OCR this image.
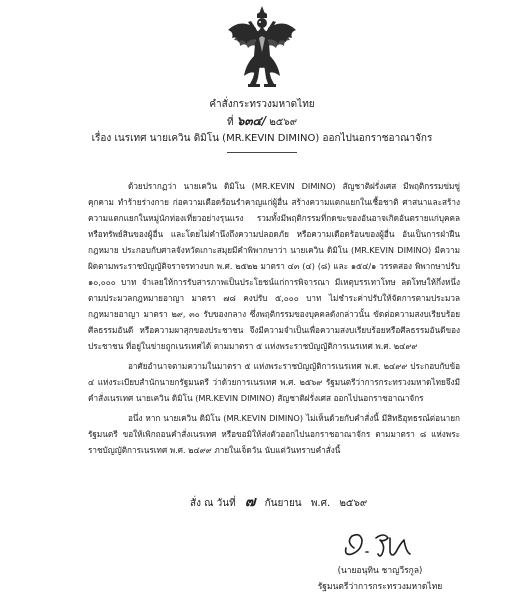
คำสั่งกระทรวงมหาดไทย
ที่ ๖๓๔/ ๒๕๖๙
เรื่อง เนรเทศ นายเควิน ดิมิโน (MR.KEVIN DIMINO) ออกไปนอกราชอาณาจักร

ด้วยปรากฏว่า นายเควิน ดิมิโน (MR.KEVIN DIMINO) สัญชาติฝรั่งเศส มีพฤติกรรมข่มขู่ คุกคาม ทำร้ายร่างกาย ก่อความเดือดร้อนรำคาญแก่ผู้อื่น สร้างความแตกแยกในเชื้อชาติ ศาสนาและสร้างความแตกแยกในหมู่นักท่องเที่ยวอย่างรุนแรง รวมทั้งมีพฤติกรรมที่กดขะของอันอาจเกิดอันตรายแก่บุคคลหรือทรัพย์สินของผู้อื่น และโดยไม่คำนึงถึงความปลอดภัย หรือความเดือดร้อนของผู้อื่น อันเป็นการฝ่าฝืนกฎหมาย ประกอบกับศาลจังหวัดเกาะสมุยมีคำพิพากษาว่า นายเควิน ดิมิโน (MR.KEVIN DIMINO) มีความผิดตามพระราชบัญญัติจราจรทางบก พ.ศ. ๒๕๒๒ มาตรา ๔๓ (๔) (๘) และ ๑๕๔/๑ วรรคสอง พิพากษาปรับ ๑๐,๐๐๐ บาท จำเลยให้การรับสารภาพเป็นประโยชน์แก่การพิจารณา มีเหตุบรรเทาโทษ ลดโทษให้กึ่งหนึ่งตามประมวลกฎหมายอาญา มาตรา ๗๘ คงปรับ ๕,๐๐๐ บาท ไม่ชำระค่าปรับให้จัดการตามประมวลกฎหมายอาญา มาตรา ๒๙, ๓๐ รับของกลาง ซึ่งพฤติกรรมของบุคคลดังกล่าวนั้น ขัดต่อความสงบเรียบร้อย ศีลธรรมอันดี หรือความผาสุกของประชาชน จึงมีความจำเป็นเพื่อความสงบเรียบร้อยหรือศีลธรรมอันดีของประชาชน ที่อยู่ในข่ายถูกเนรเทศได้ ตามมาตรา ๕ แห่งพระราชบัญญัติการเนรเทศ พ.ศ. ๒๔๙๙

อาศัยอำนาจตามความในมาตรา ๕ แห่งพระราชบัญญัติการเนรเทศ พ.ศ. ๒๔๙๙ ประกอบกับข้อ ๔ แห่งระเบียบสำนักนายกรัฐมนตรี ว่าด้วยการเนรเทศ พ.ศ. ๒๕๖๙ รัฐมนตรีว่าการกระทรวงมหาดไทยจึงมีคำสั่งเนรเทศ นายเควิน ดิมิโน (MR.KEVIN DIMINO) สัญชาติฝรั่งเศส ออกไปนอกราชอาณาจักร

อนึ่ง หาก นายเควิน ดิมิโน (MR.KEVIN DIMINO) ไม่เห็นด้วยกับคำสั่งนี้ มีสิทธิอุทธรณ์ต่อนายกรัฐมนตรี ขอให้เพิกถอนคำสั่งเนรเทศ หรือขอมิให้ส่งตัวออกไปนอกราชอาณาจักร ตามมาตรา ๘ แห่งพระราชบัญญัติการเนรเทศ พ.ศ. ๒๔๙๙ ภายในเจ็ดวัน นับแต่วันทราบคำสั่งนี้

สั่ง ณ วันที่ ๗ กันยายน พ.ศ. ๒๕๖๙
(นายอนุทิน ชาญวีรกูล)
รัฐมนตรีว่าการกระทรวงมหาดไทย
